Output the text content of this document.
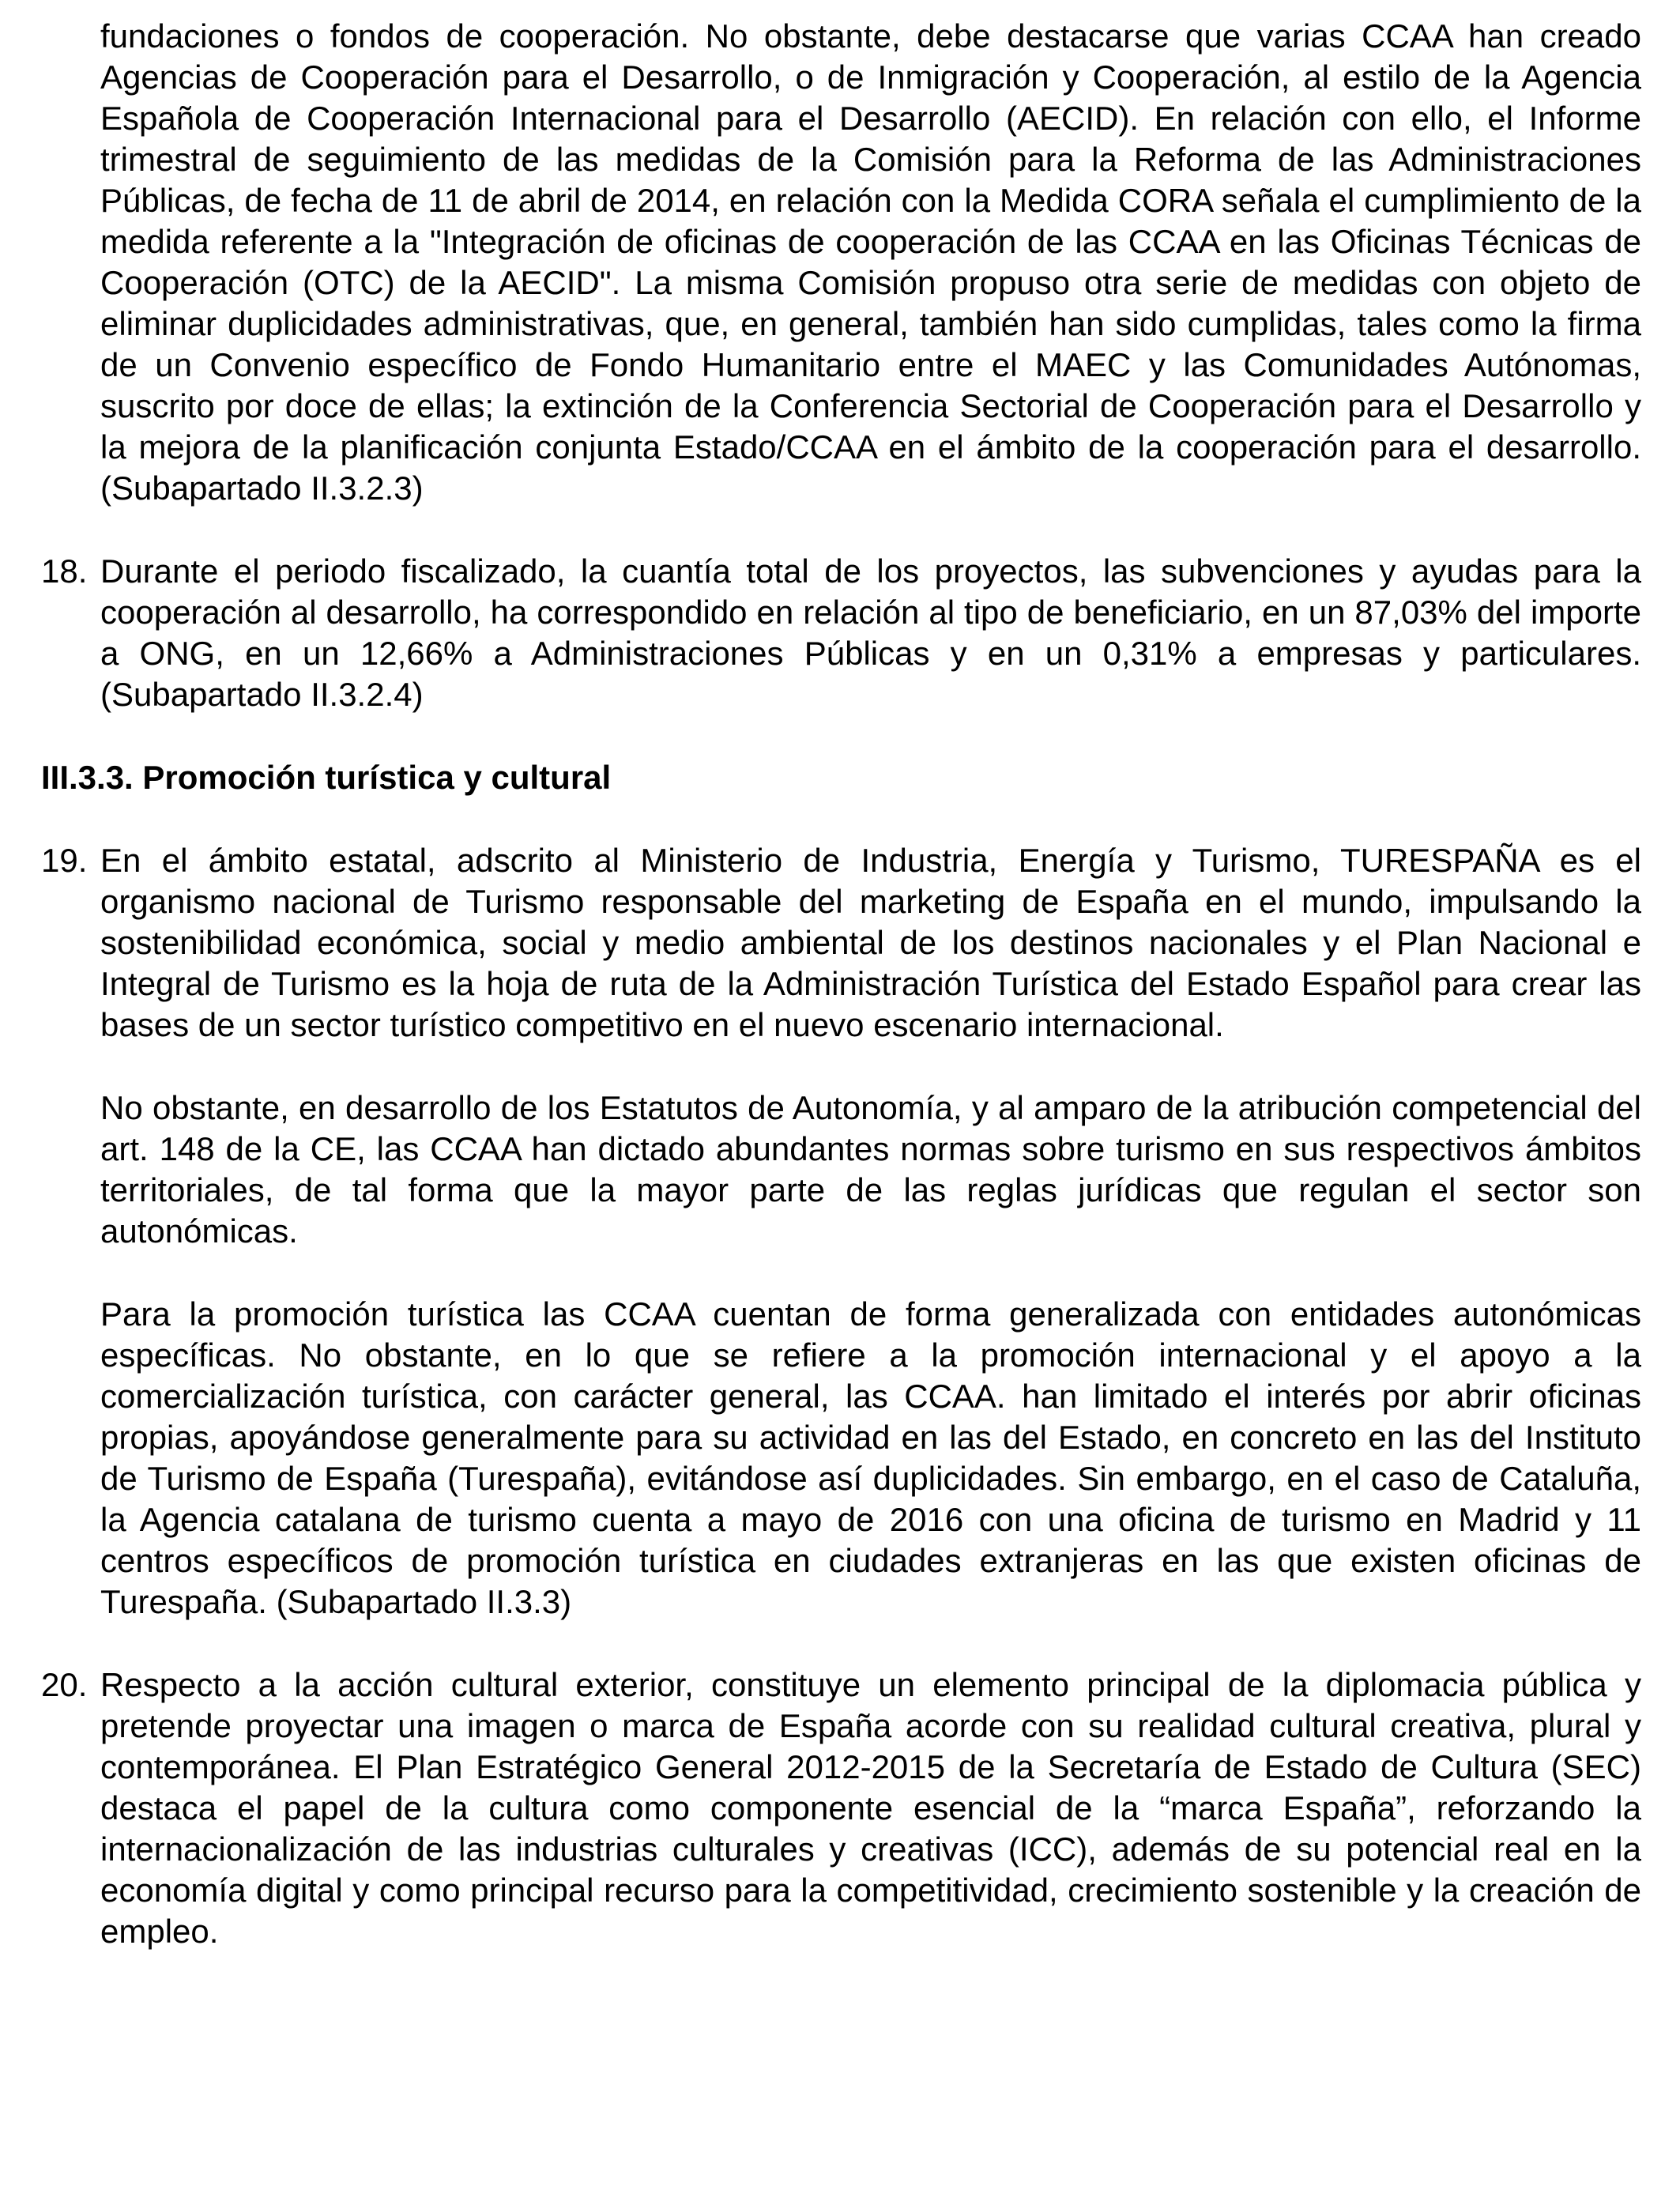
fundaciones o fondos de cooperación. No obstante, debe destacarse que varias CCAA han creado Agencias de Cooperación para el Desarrollo, o de Inmigración y Cooperación, al estilo de la Agencia Española de Cooperación Internacional para el Desarrollo (AECID). En relación con ello, el Informe trimestral de seguimiento de las medidas de la Comisión para la Reforma de las Administraciones Públicas, de fecha de 11 de abril de 2014, en relación con la Medida CORA señala el cumplimiento de la medida referente a la "Integración de oficinas de cooperación de las CCAA en las Oficinas Técnicas de Cooperación (OTC) de la AECID". La misma Comisión propuso otra serie de medidas con objeto de eliminar duplicidades administrativas, que, en general, también han sido cumplidas, tales como la firma de un Convenio específico de Fondo Humanitario entre el MAEC y las Comunidades Autónomas, suscrito por doce de ellas; la extinción de la Conferencia Sectorial de Cooperación para el Desarrollo y la mejora de la planificación conjunta Estado/CCAA en el ámbito de la cooperación para el desarrollo. (Subapartado II.3.2.3)
18. Durante el periodo fiscalizado, la cuantía total de los proyectos, las subvenciones y ayudas para la cooperación al desarrollo, ha correspondido en relación al tipo de beneficiario, en un 87,03% del importe a ONG, en un 12,66% a Administraciones Públicas y en un 0,31% a empresas y particulares. (Subapartado II.3.2.4)
III.3.3. Promoción turística y cultural
19. En el ámbito estatal, adscrito al Ministerio de Industria, Energía y Turismo, TURESPAÑA es el organismo nacional de Turismo responsable del marketing de España en el mundo, impulsando la sostenibilidad económica, social y medio ambiental de los destinos nacionales y el Plan Nacional e Integral de Turismo es la hoja de ruta de la Administración Turística del Estado Español para crear las bases de un sector turístico competitivo en el nuevo escenario internacional.
No obstante, en desarrollo de los Estatutos de Autonomía, y al amparo de la atribución competencial del art. 148 de la CE, las CCAA han dictado abundantes normas sobre turismo en sus respectivos ámbitos territoriales, de tal forma que la mayor parte de las reglas jurídicas que regulan el sector son autonómicas.
Para la promoción turística las CCAA cuentan de forma generalizada con entidades autonómicas específicas. No obstante, en lo que se refiere a la promoción internacional y el apoyo a la comercialización turística, con carácter general, las CCAA. han limitado el interés por abrir oficinas propias, apoyándose generalmente para su actividad en las del Estado, en concreto en las del Instituto de Turismo de España (Turespaña), evitándose así duplicidades. Sin embargo, en el caso de Cataluña, la Agencia catalana de turismo cuenta a mayo de 2016 con una oficina de turismo en Madrid y 11 centros específicos de promoción turística en ciudades extranjeras en las que existen oficinas de Turespaña. (Subapartado II.3.3)
20. Respecto a la acción cultural exterior, constituye un elemento principal de la diplomacia pública y pretende proyectar una imagen o marca de España acorde con su realidad cultural creativa, plural y contemporánea. El Plan Estratégico General 2012-2015 de la Secretaría de Estado de Cultura (SEC) destaca el papel de la cultura como componente esencial de la “marca España”, reforzando la internacionalización de las industrias culturales y creativas (ICC), además de su potencial real en la economía digital y como principal recurso para la competitividad, crecimiento sostenible y la creación de empleo.
